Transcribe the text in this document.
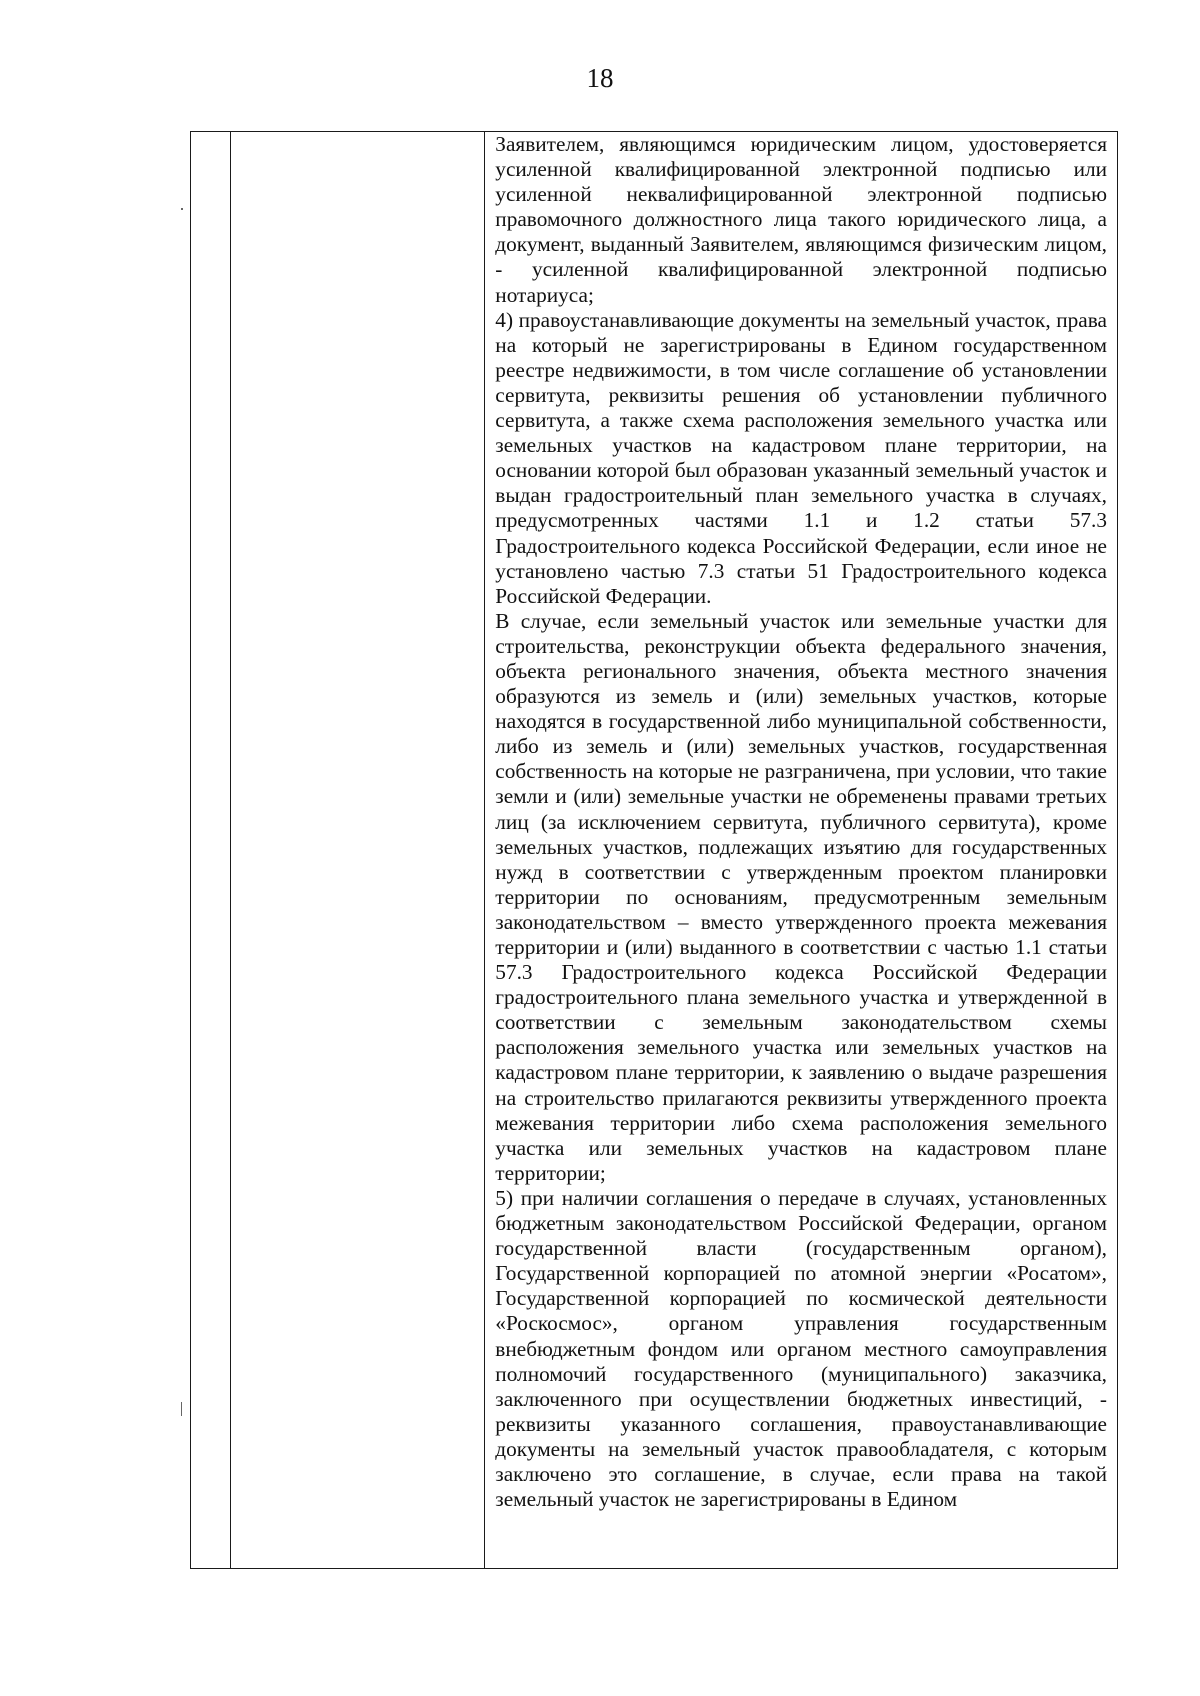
18

Заявителем, являющимся юридическим лицом, удостоверяется усиленной квалифицированной электронной подписью или усиленной неквалифицированной электронной подписью правомочного должностного лица такого юридического лица, а документ, выданный Заявителем, являющимся физическим лицом, - усиленной квалифицированной электронной подписью нотариуса;

4) правоустанавливающие документы на земельный участок, права на который не зарегистрированы в Едином государственном реестре недвижимости, в том числе соглашение об установлении сервитута, реквизиты решения об установлении публичного сервитута, а также схема расположения земельного участка или земельных участков на кадастровом плане территории, на основании которой был образован указанный земельный участок и выдан градостроительный план земельного участка в случаях, предусмотренных частями 1.1 и 1.2 статьи 57.3 Градостроительного кодекса Российской Федерации, если иное не установлено частью 7.3 статьи 51 Градостроительного кодекса Российской Федерации.

В случае, если земельный участок или земельные участки для строительства, реконструкции объекта федерального значения, объекта регионального значения, объекта местного значения образуются из земель и (или) земельных участков, которые находятся в государственной либо муниципальной собственности, либо из земель и (или) земельных участков, государственная собственность на которые не разграничена, при условии, что такие земли и (или) земельные участки не обременены правами третьих лиц (за исключением сервитута, публичного сервитута), кроме земельных участков, подлежащих изъятию для государственных нужд в соответствии с утвержденным проектом планировки территории по основаниям, предусмотренным земельным законодательством – вместо утвержденного проекта межевания территории и (или) выданного в соответствии с частью 1.1 статьи 57.3 Градостроительного кодекса Российской Федерации градостроительного плана земельного участка и утвержденной в соответствии с земельным законодательством схемы расположения земельного участка или земельных участков на кадастровом плане территории, к заявлению о выдаче разрешения на строительство прилагаются реквизиты утвержденного проекта межевания территории либо схема расположения земельного участка или земельных участков на кадастровом плане территории;

5) при наличии соглашения о передаче в случаях, установленных бюджетным законодательством Российской Федерации, органом государственной власти (государственным органом), Государственной корпорацией по атомной энергии «Росатом», Государственной корпорацией по космической деятельности «Роскосмос», органом управления государственным внебюджетным фондом или органом местного самоуправления полномочий государственного (муниципального) заказчика, заключенного при осуществлении бюджетных инвестиций, - реквизиты указанного соглашения, правоустанавливающие документы на земельный участок правообладателя, с которым заключено это соглашение, в случае, если права на такой земельный участок не зарегистрированы в Едином
